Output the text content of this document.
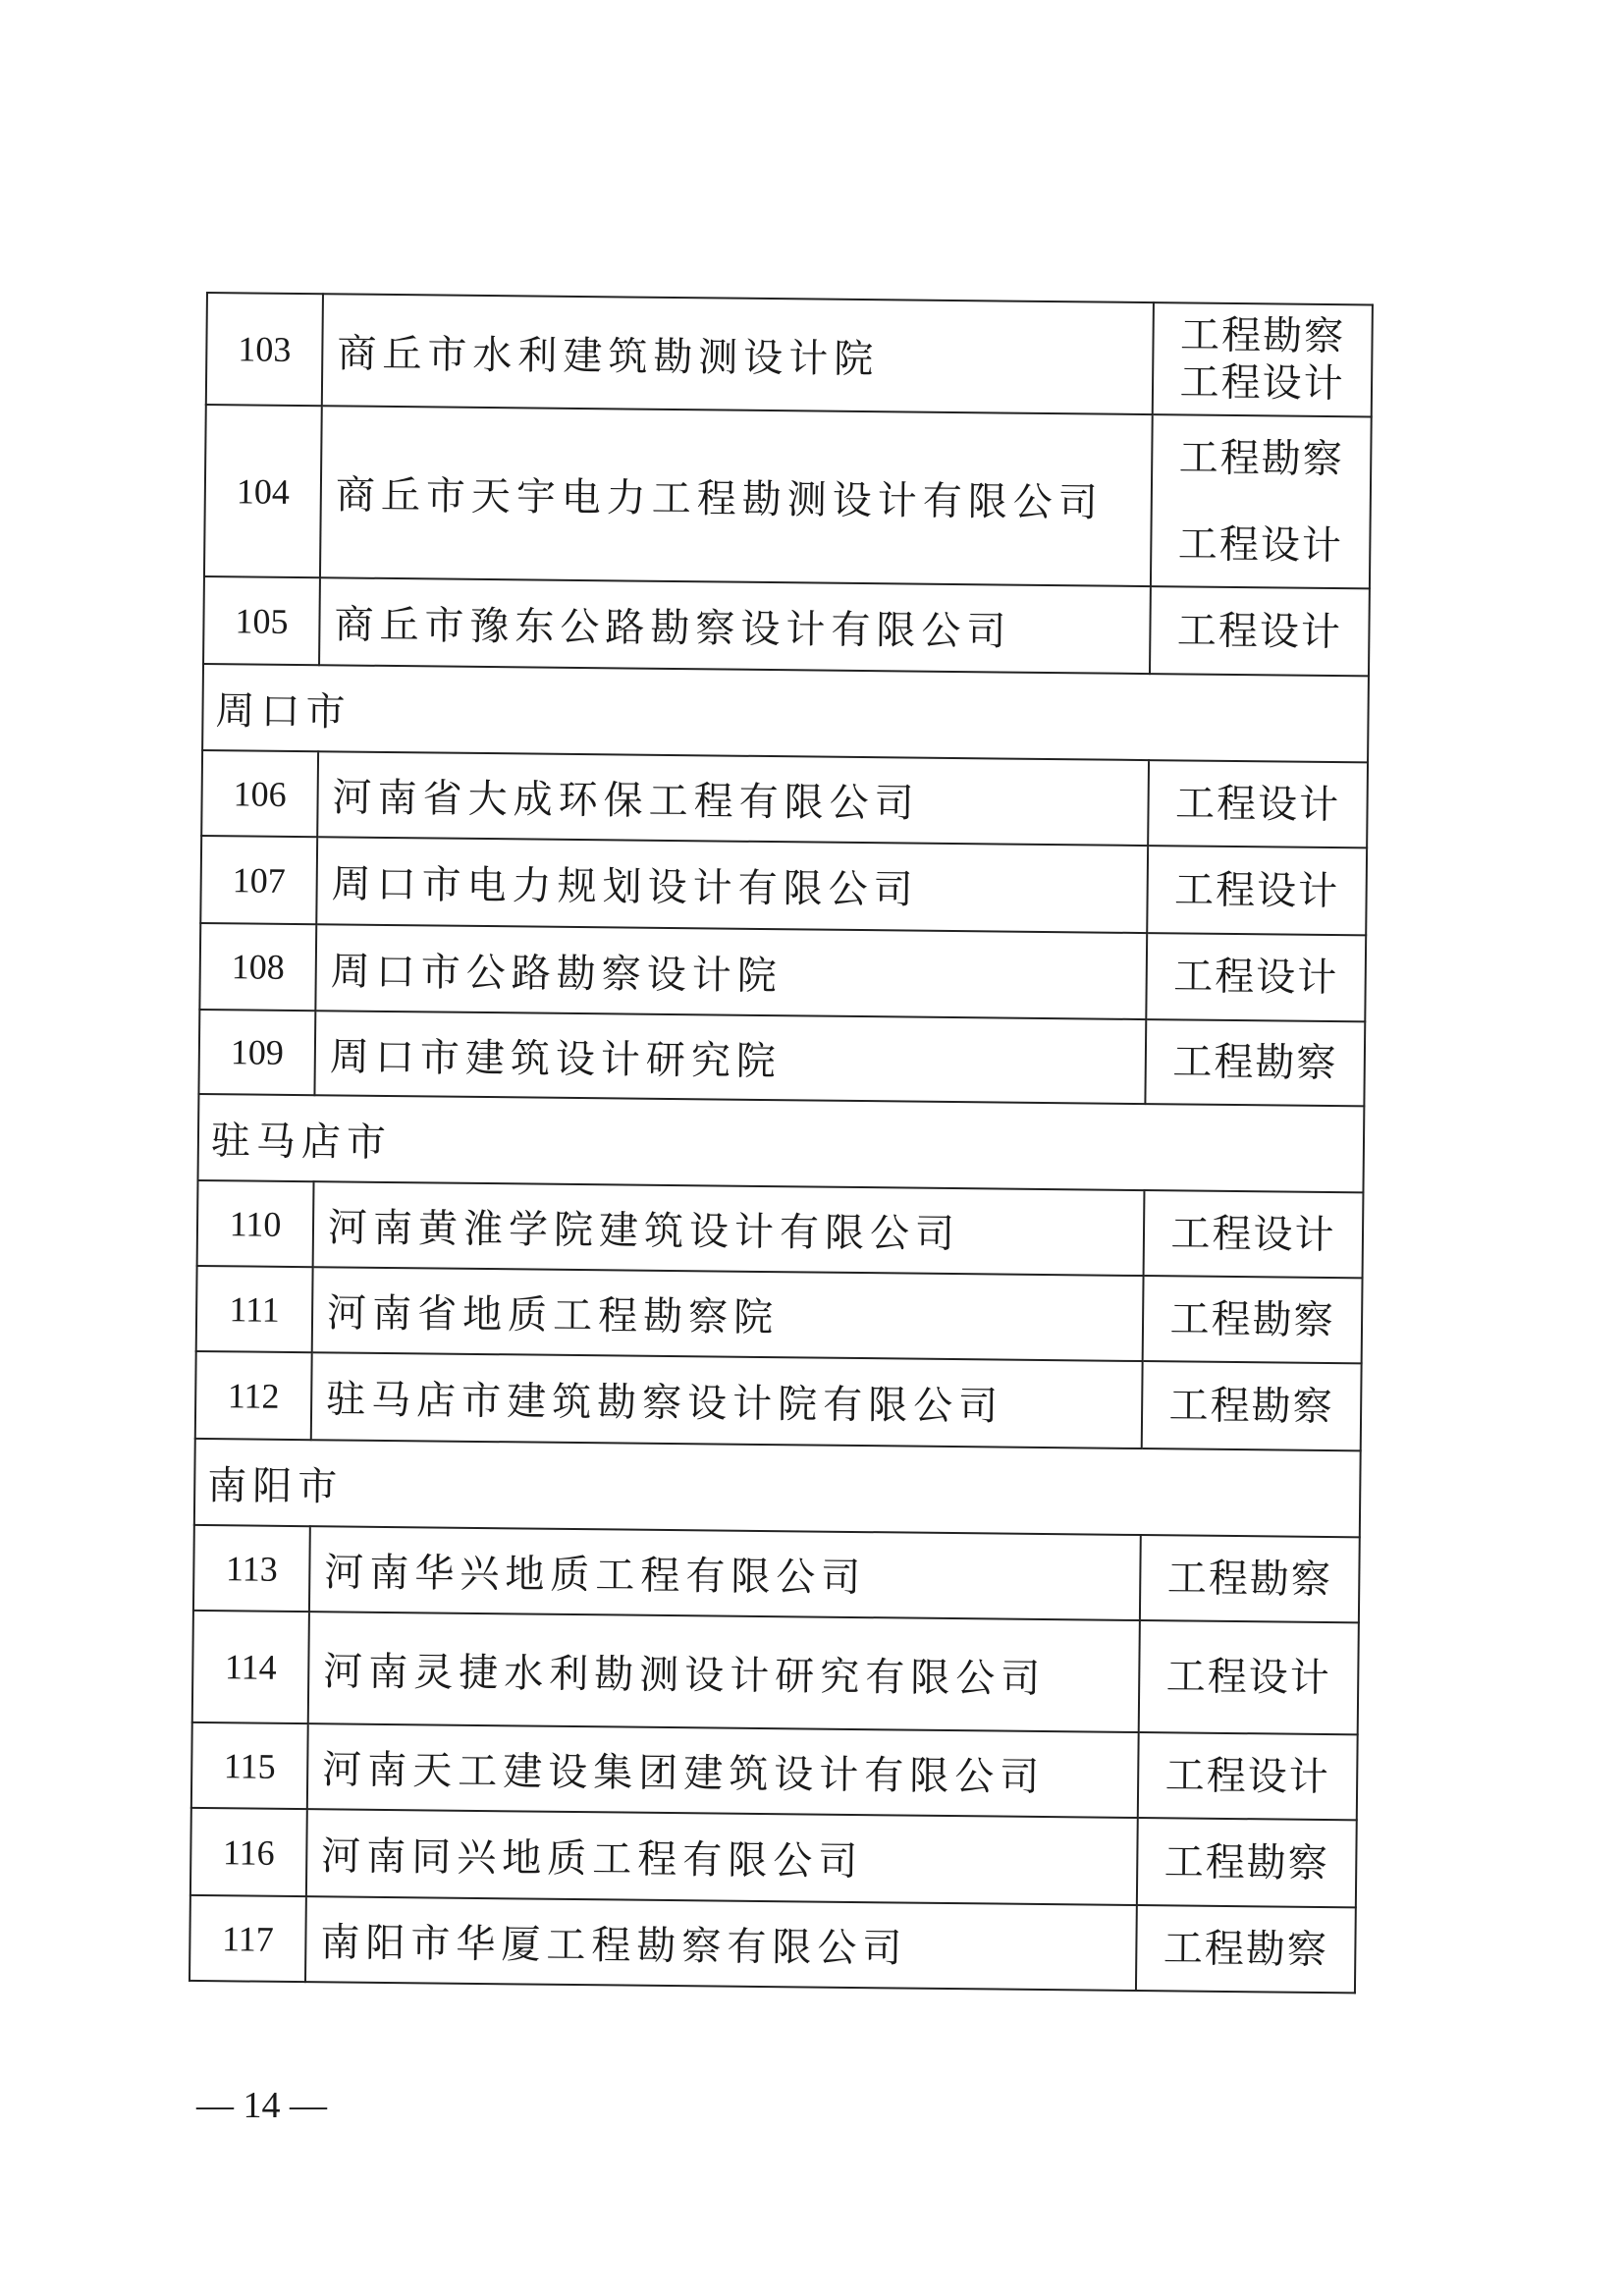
103	商丘市水利建筑勘测设计院	工程勘察
工程设计

104	商丘市天宇电力工程勘测设计有限公司	工程勘察
工程设计

105	商丘市豫东公路勘察设计有限公司	工程设计

周口市		
106	河南省大成环保工程有限公司	工程设计

107	周口市电力规划设计有限公司	工程设计

108	周口市公路勘察设计院	工程设计

109	周口市建筑设计研究院	工程勘察

驻马店市		
110	河南黄淮学院建筑设计有限公司	工程设计

111	河南省地质工程勘察院	工程勘察

112	驻马店市建筑勘察设计院有限公司	工程勘察

南阳市		
113	河南华兴地质工程有限公司	工程勘察

114	河南灵捷水利勘测设计研究有限公司	工程设计

115	河南天工建设集团建筑设计有限公司	工程设计

116	河南同兴地质工程有限公司	工程勘察

117	南阳市华厦工程勘察有限公司	工程勘察
— 14 —
